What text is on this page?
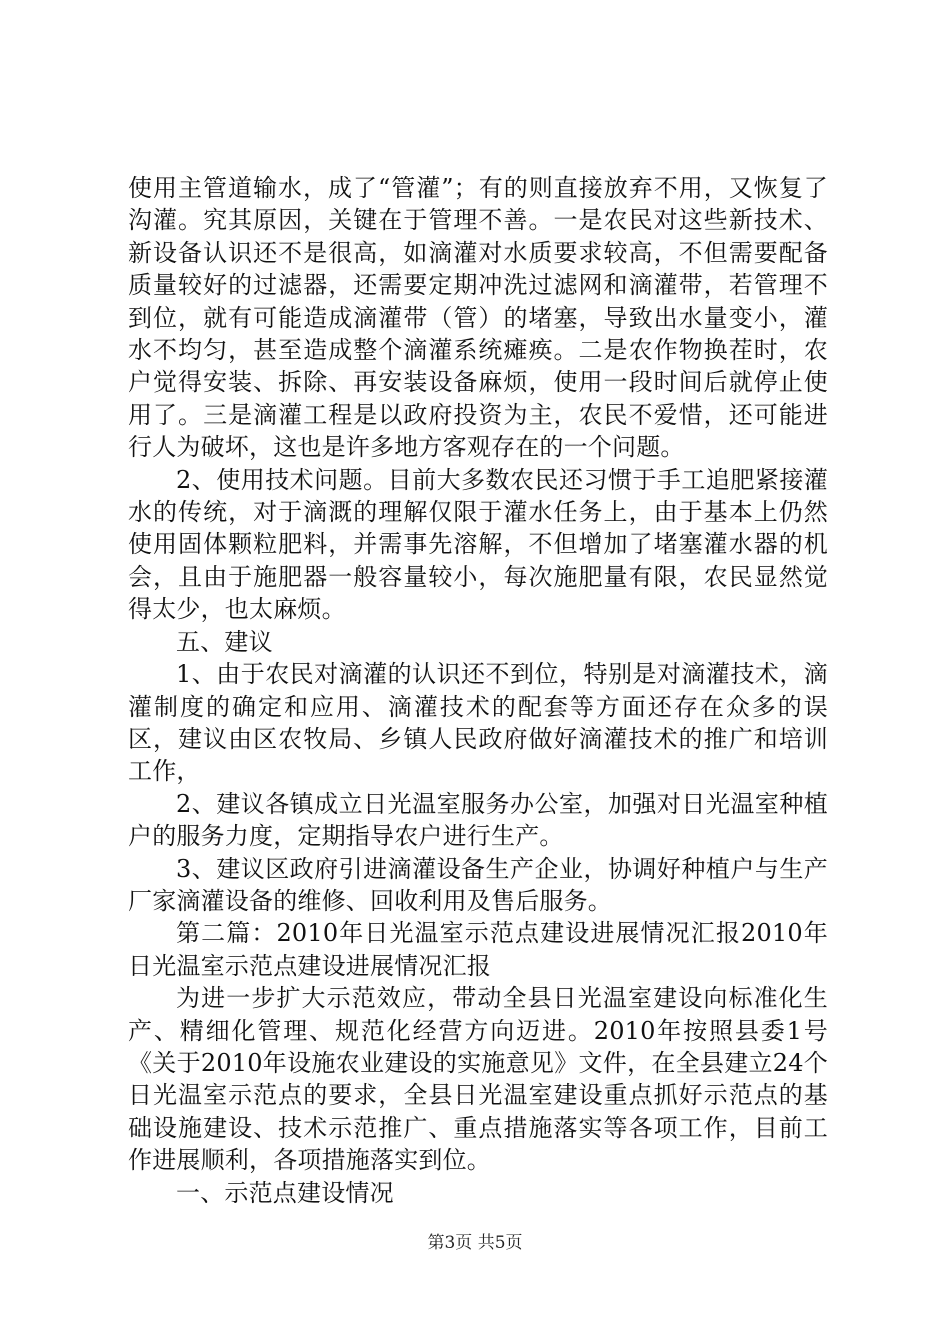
使用主管道输水，成了“管灌”；有的则直接放弃不用，又恢复了沟灌。究其原因，关键在于管理不善。一是农民对这些新技术、新设备认识还不是很高，如滴灌对水质要求较高，不但需要配备质量较好的过滤器，还需要定期冲洗过滤网和滴灌带，若管理不到位，就有可能造成滴灌带（管）的堵塞，导致出水量变小，灌水不均匀，甚至造成整个滴灌系统瘫痪。二是农作物换茬时，农户觉得安装、拆除、再安装设备麻烦，使用一段时间后就停止使用了。三是滴灌工程是以政府投资为主，农民不爱惜，还可能进行人为破坏，这也是许多地方客观存在的一个问题。

2、使用技术问题。目前大多数农民还习惯于手工追肥紧接灌水的传统，对于滴溉的理解仅限于灌水任务上，由于基本上仍然使用固体颗粒肥料，并需事先溶解，不但增加了堵塞灌水器的机会，且由于施肥器一般容量较小，每次施肥量有限，农民显然觉得太少，也太麻烦。

五、建议

1、由于农民对滴灌的认识还不到位，特别是对滴灌技术，滴灌制度的确定和应用、滴灌技术的配套等方面还存在众多的误区，建议由区农牧局、乡镇人民政府做好滴灌技术的推广和培训工作，

2、建议各镇成立日光温室服务办公室，加强对日光温室种植户的服务力度，定期指导农户进行生产。

3、建议区政府引进滴灌设备生产企业，协调好种植户与生产厂家滴灌设备的维修、回收利用及售后服务。

第二篇：2010年日光温室示范点建设进展情况汇报2010年日光温室示范点建设进展情况汇报

为进一步扩大示范效应，带动全县日光温室建设向标准化生产、精细化管理、规范化经营方向迈进。2010年按照县委1号《关于2010年设施农业建设的实施意见》文件，在全县建立24个日光温室示范点的要求，全县日光温室建设重点抓好示范点的基础设施建设、技术示范推广、重点措施落实等各项工作，目前工作进展顺利，各项措施落实到位。

一、示范点建设情况

第3页 共5页
